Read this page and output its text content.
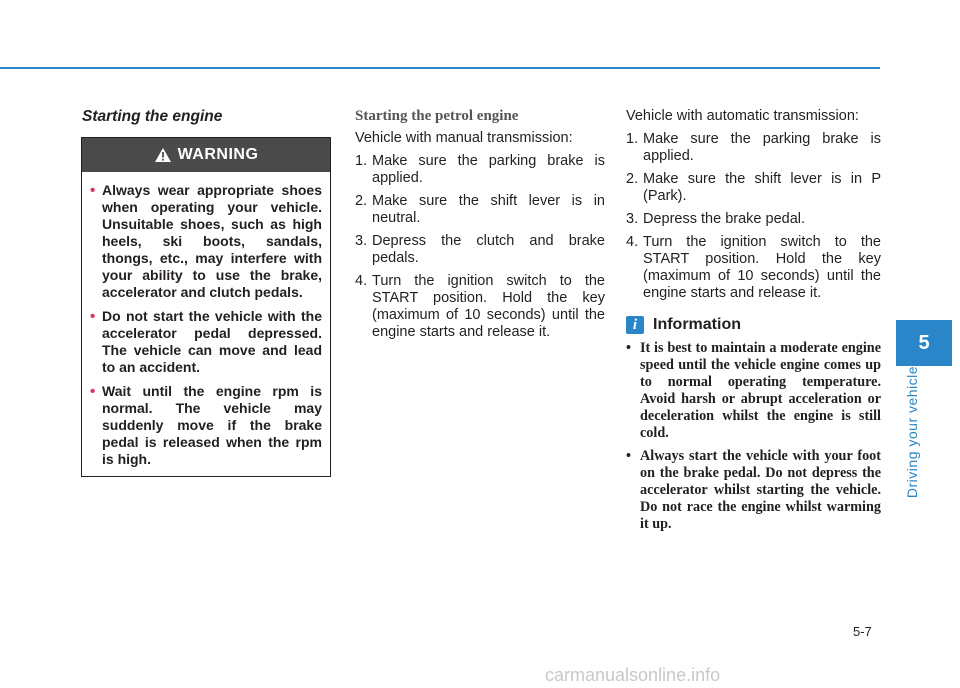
Starting the engine
WARNING
• Always wear appropriate shoes when operating your vehicle. Unsuitable shoes, such as high heels, ski boots, sandals, thongs, etc., may interfere with your ability to use the brake, accelerator and clutch pedals.
• Do not start the vehicle with the accelerator pedal depressed. The vehicle can move and lead to an accident.
• Wait until the engine rpm is normal. The vehicle may suddenly move if the brake pedal is released when the rpm is high.
Starting the petrol engine
Vehicle with manual transmission:
1. Make sure the parking brake is applied.
2. Make sure the shift lever is in neutral.
3. Depress the clutch and brake pedals.
4. Turn the ignition switch to the START position. Hold the key (maximum of 10 seconds) until the engine starts and release it.
Vehicle with automatic transmission:
1. Make sure the parking brake is applied.
2. Make sure the shift lever is in P (Park).
3. Depress the brake pedal.
4. Turn the ignition switch to the START position. Hold the key (maximum of 10 seconds) until the engine starts and release it.
i Information
• It is best to maintain a moderate engine speed until the vehicle engine comes up to normal operating temperature. Avoid harsh or abrupt acceleration or deceleration whilst the engine is still cold.
• Always start the vehicle with your foot on the brake pedal. Do not depress the accelerator whilst starting the vehicle. Do not race the engine whilst warming it up.
5
Driving your vehicle
5-7
carmanualsonline.info
